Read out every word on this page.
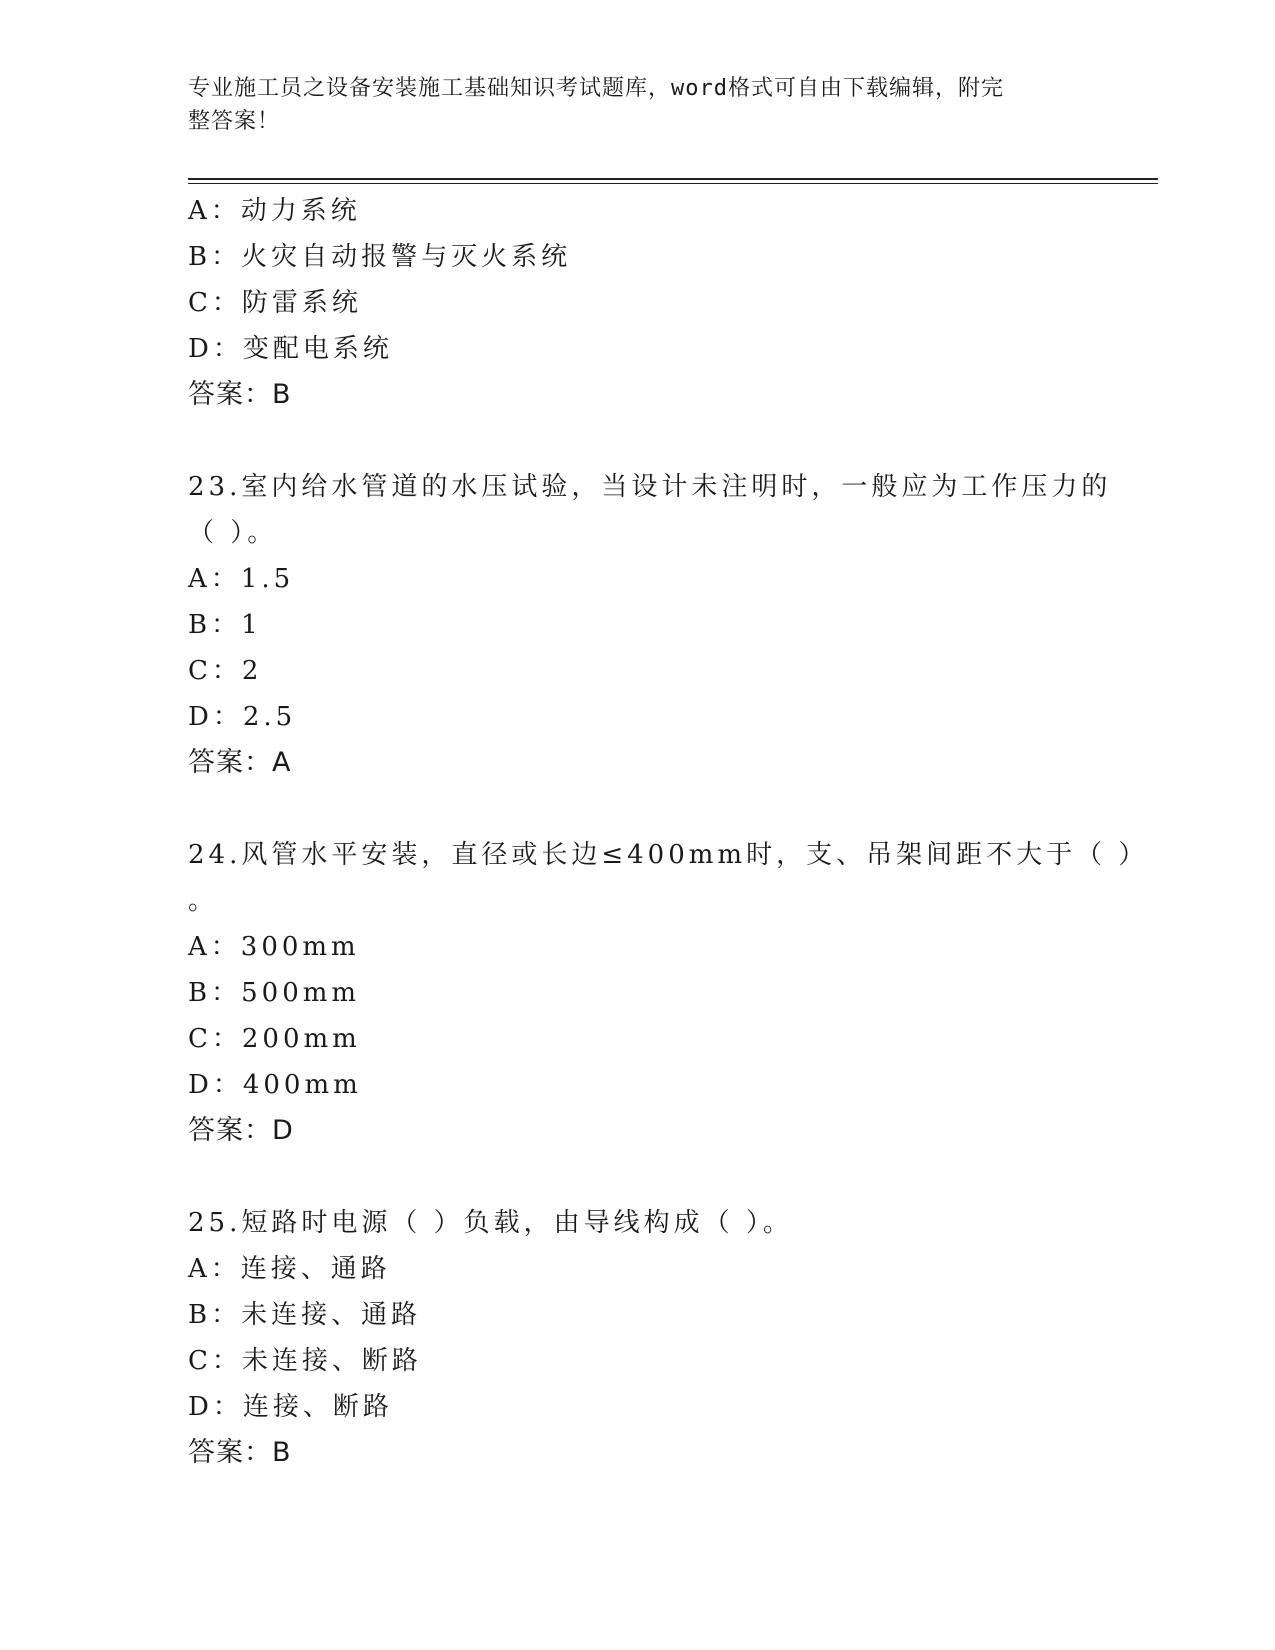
专业施工员之设备安装施工基础知识考试题库，word格式可自由下载编辑，附完
整答案！
A：动力系统
B：火灾自动报警与灭火系统
C：防雷系统
D：变配电系统
答案：B
23.室内给水管道的水压试验，当设计未注明时，一般应为工作压力的
（ ）。
A：1.5
B：1
C：2
D：2.5
答案：A
24.风管水平安装，直径或长边≤400mm时，支、吊架间距不大于（ ）
。
A：300mm
B：500mm
C：200mm
D：400mm
答案：D
25.短路时电源（ ）负载，由导线构成（ ）。
A：连接、通路
B：未连接、通路
C：未连接、断路
D：连接、断路
答案：B
